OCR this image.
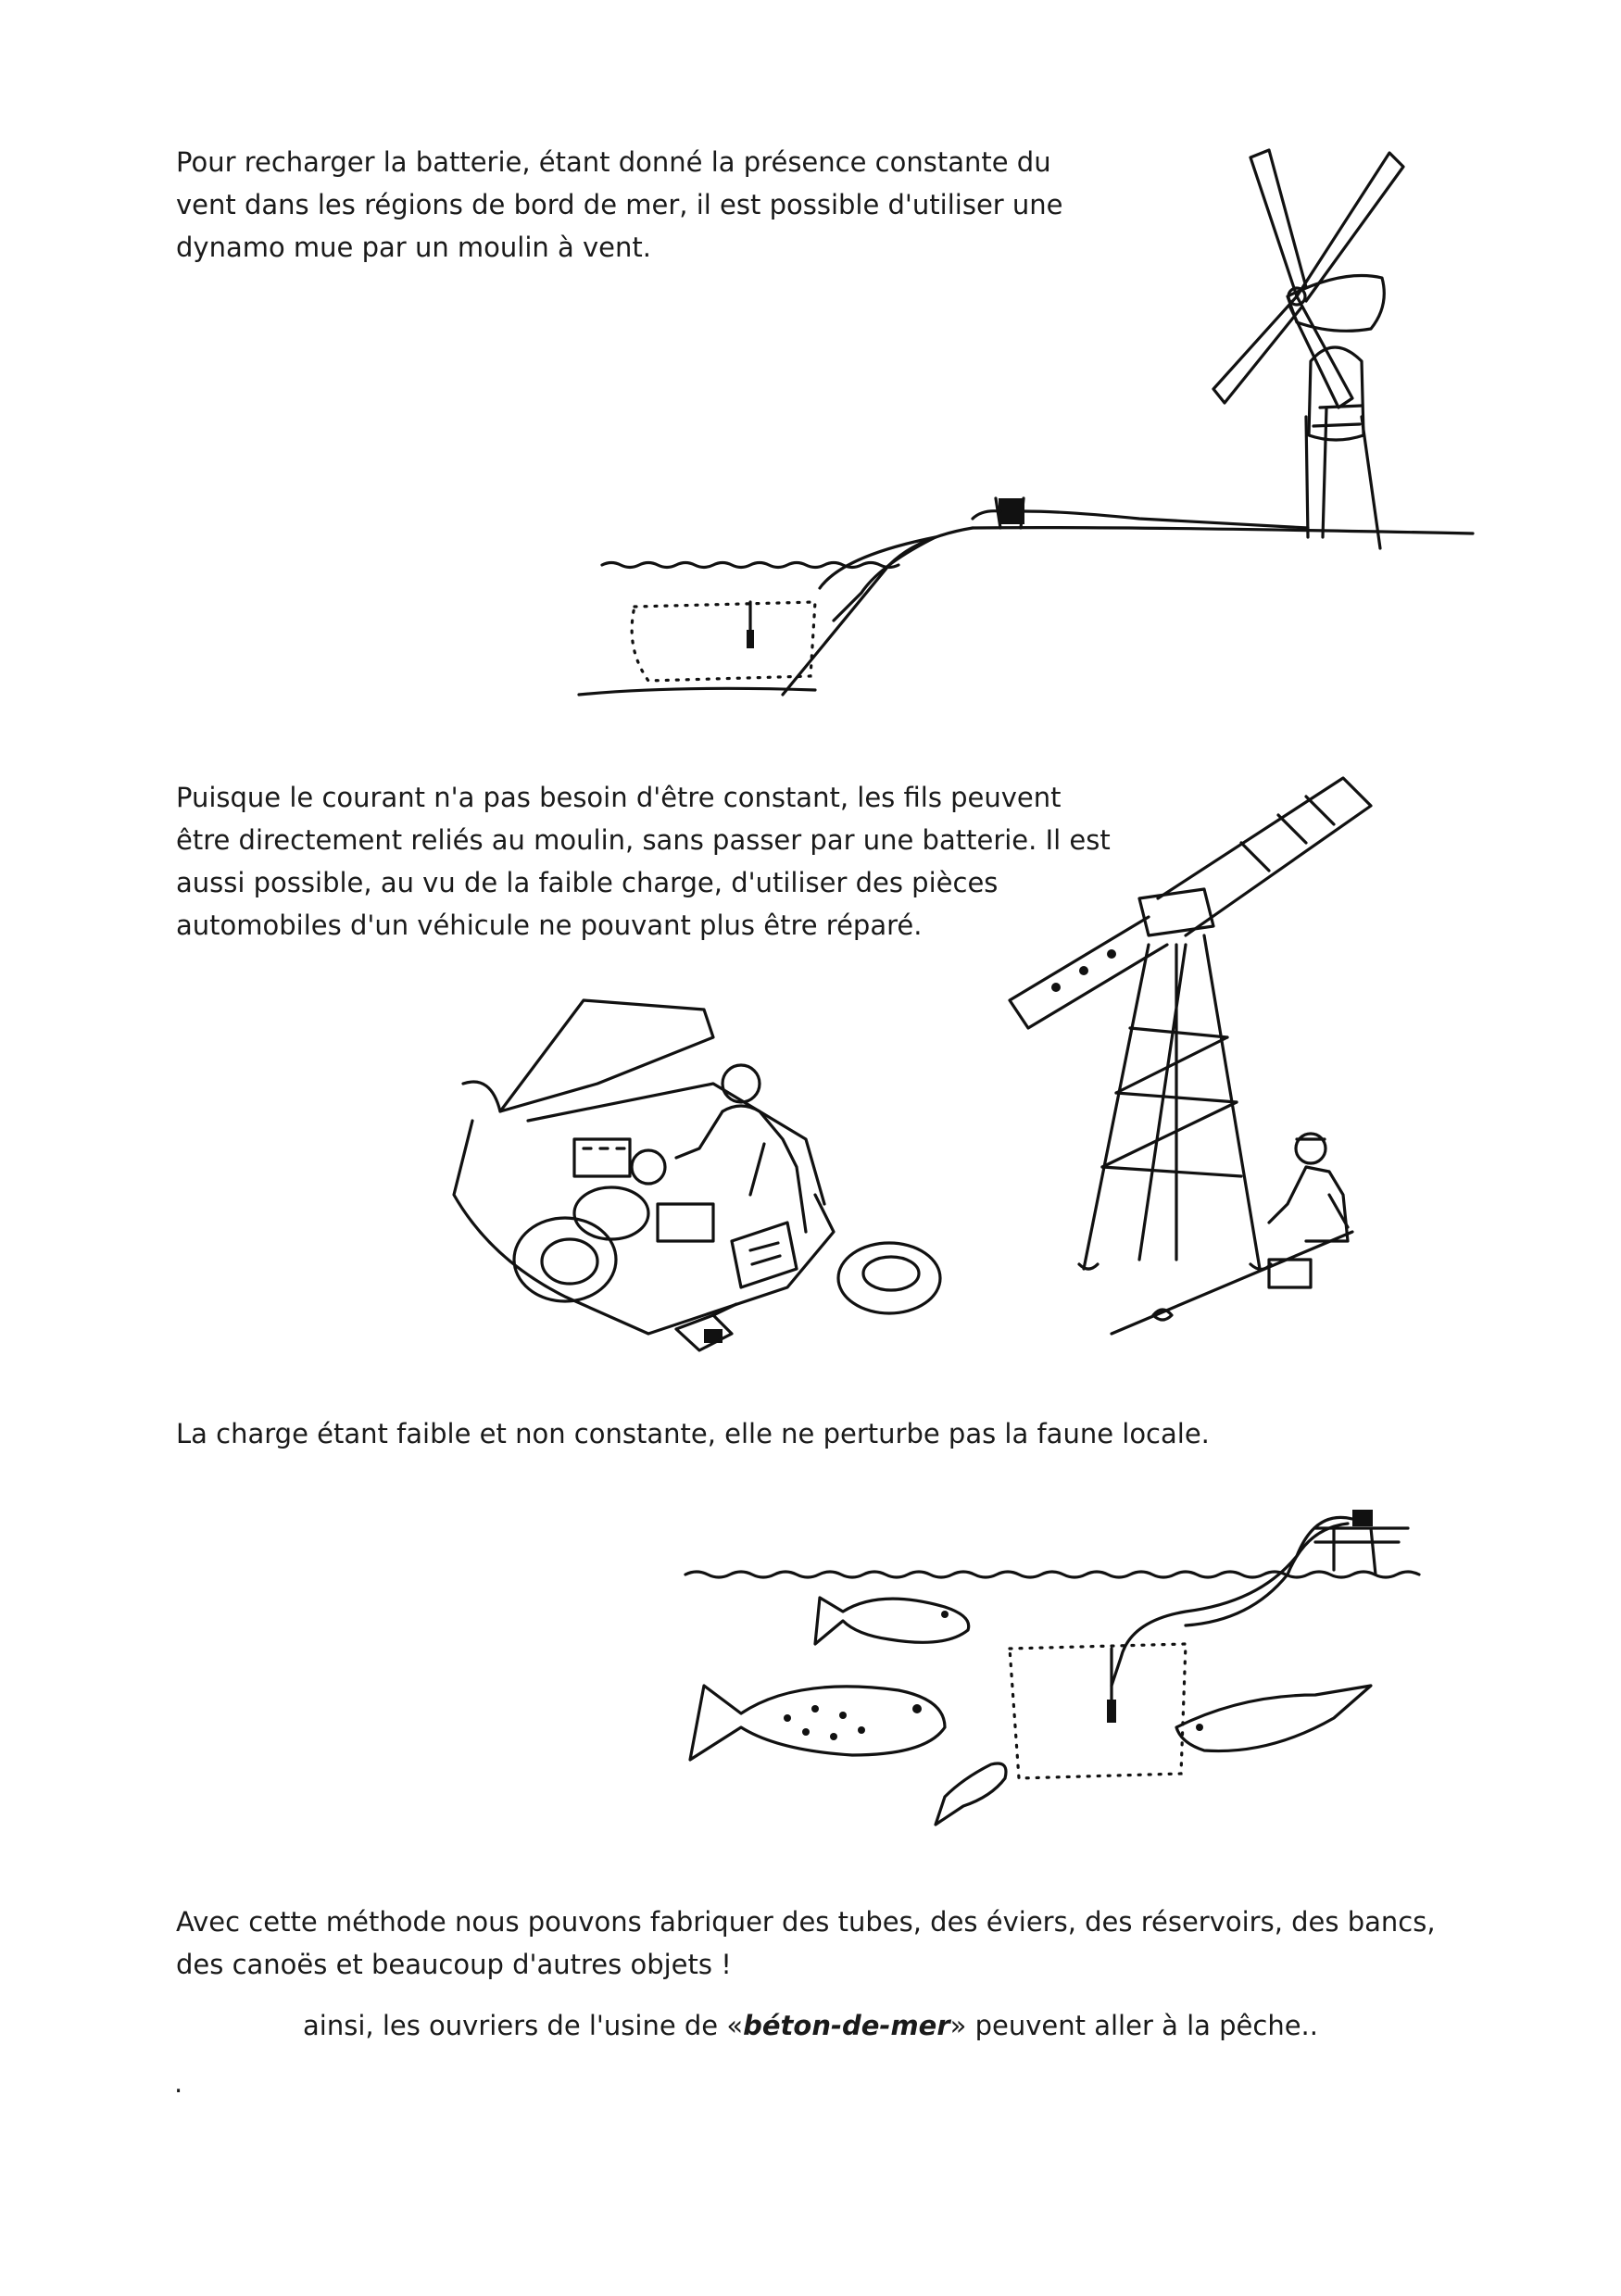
Pour recharger la batterie, étant donné la présence constante du vent dans les régions de bord de mer, il est possible d'utiliser une dynamo mue par un moulin à vent.

Puisque le courant n'a pas besoin d'être constant, les fils peuvent être directement reliés au moulin, sans passer par une batterie. Il est aussi possible, au vu de la faible charge, d'utiliser des pièces automobiles d'un véhicule ne pouvant plus être réparé.

La charge étant faible et non constante, elle ne perturbe pas la faune locale.

Avec cette méthode nous pouvons fabriquer des tubes, des éviers, des réservoirs, des bancs, des canoës et beaucoup d'autres objets !

ainsi, les ouvriers de l'usine de «béton-de-mer» peuvent aller à la pêche..

.
